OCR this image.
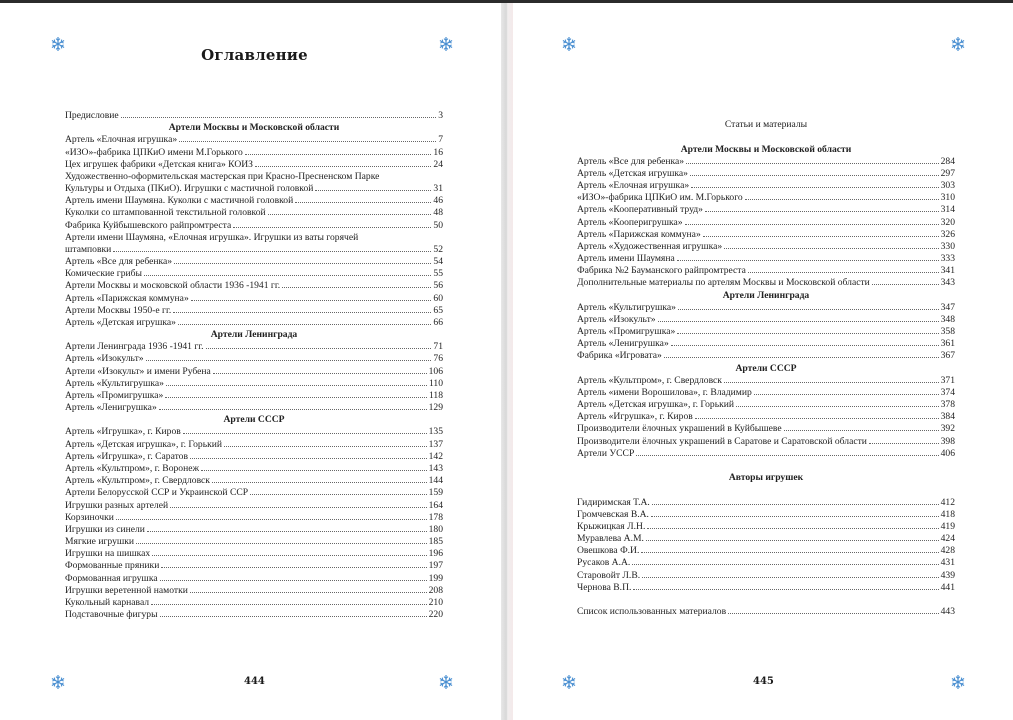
Оглавление
Предисловие	3
Артели Москвы и Московской области
Артель «Елочная игрушка»	7
«ИЗО»-фабрика ЦПКиО имени М.Горького	16
Цех игрушек фабрики «Детская книга» КОИЗ	24
Художественно-оформительская мастерская при Красно-Пресненском Парке
Культуры и Отдыха (ПКиО). Игрушки с мастичной головкой	31
Артель имени Шаумяна. Куколки с мастичной головкой	46
Куколки со штампованной текстильной головкой	48
Фабрика Куйбышевского райпромтреста	50
Артели имени Шаумяна, «Елочная игрушка». Игрушки из ваты горячей
штамповки	52
Артель «Все для ребенка»	54
Комические грибы	55
Артели Москвы и московской области 1936 -1941 гг.	56
Артель «Парижская коммуна»	60
Артели Москвы 1950-е гг.	65
Артель «Детская игрушка»	66
Артели Ленинграда
Артели Ленинграда 1936 -1941 гг.	71
Артель «Изокульт»	76
Артели «Изокульт» и имени Рубена	106
Артель «Культигрушка»	110
Артель «Промигрушка»	118
Артель «Ленигрушка»	129
Артели СССР
Артель «Игрушка», г. Киров	135
Артель «Детская игрушка», г. Горький	137
Артель «Игрушка», г. Саратов	142
Артель «Культпром», г. Воронеж	143
Артель «Культпром», г. Свердловск	144
Артели Белорусской ССР и Украинской ССР	159
Игрушки разных артелей	164
Корзиночки	178
Игрушки из синели	180
Мягкие игрушки	185
Игрушки на шишках	196
Формованные пряники	197
Формованная игрушка	199
Игрушки веретенной намотки	208
Кукольный карнавал	210
Подставочные фигуры	220
Статьи и материалы
Артели Москвы и Московской области
Артель «Все для ребенка»	284
Артель «Детская игрушка»	297
Артель «Елочная игрушка»	303
«ИЗО»-фабрика ЦПКиО им. М.Горького	310
Артель «Кооперативный труд»	314
Артель «Кооперигрушка»	320
Артель «Парижская коммуна»	326
Артель «Художественная игрушка»	330
Артель имени Шаумяна	333
Фабрика №2 Бауманского райпромтреста	341
Дополнительные материалы по артелям Москвы и Московской области	343
Артели Ленинграда
Артель «Культигрушка»	347
Артель «Изокульт»	348
Артель «Промигрушка»	358
Артель «Ленигрушка»	361
Фабрика «Игровата»	367
Артели СССР
Артель «Культпром», г. Свердловск	371
Артель «имени Ворошилова», г. Владимир	374
Артель «Детская игрушка», г. Горький	378
Артель «Игрушка», г. Киров	384
Производители ёлочных украшений в Куйбышеве	392
Производители ёлочных украшений в Саратове и Саратовской области	398
Артели УССР	406
Авторы игрушек
Гидиримская Т.А.	412
Громчевская В.А.	418
Крыжицкая Л.Н.	419
Муравлева А.М.	424
Овешкова Ф.И.	428
Русаков А.А.	431
Старовойт Л.В.	439
Чернова В.П.	441
Список использованных материалов	443
444	445
